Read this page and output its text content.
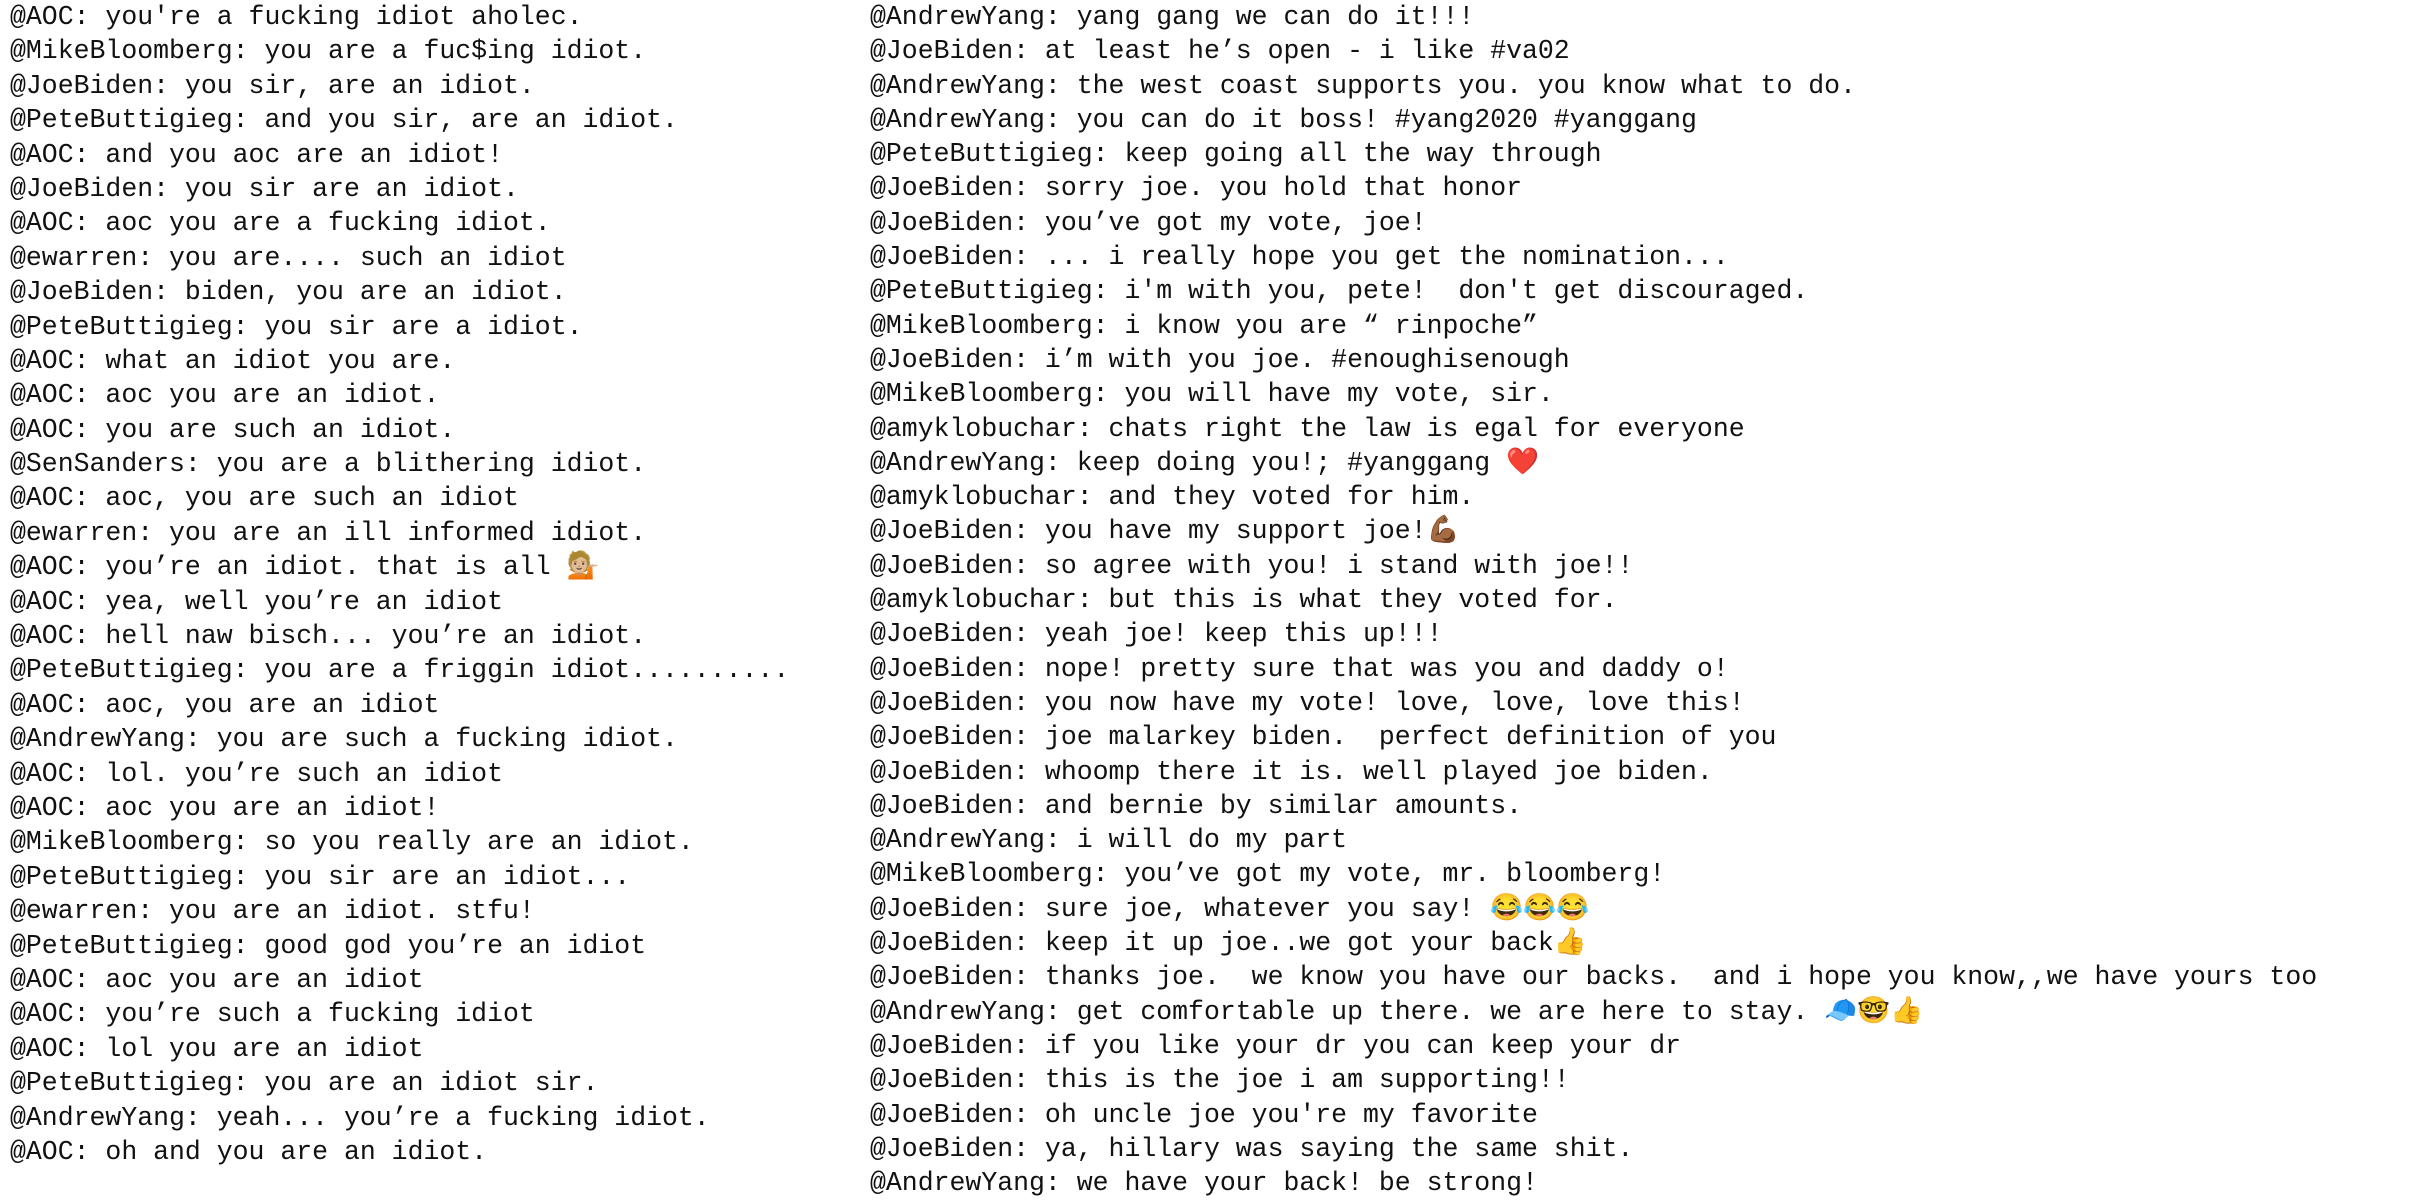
@AOC: you're a fucking idiot aholec.
@MikeBloomberg: you are a fuc$ing idiot.
@JoeBiden: you sir, are an idiot.
@PeteButtigieg: and you sir, are an idiot.
@AOC: and you aoc are an idiot!
@JoeBiden: you sir are an idiot.
@AOC: aoc you are a fucking idiot.
@ewarren: you are.... such an idiot
@JoeBiden: biden, you are an idiot.
@PeteButtigieg: you sir are a idiot.
@AOC: what an idiot you are.
@AOC: aoc you are an idiot.
@AOC: you are such an idiot.
@SenSanders: you are a blithering idiot.
@AOC: aoc, you are such an idiot
@ewarren: you are an ill informed idiot.
@AOC: you’re an idiot. that is all 💁🏼
@AOC: yea, well you’re an idiot
@AOC: hell naw bisch... you’re an idiot.
@PeteButtigieg: you are a friggin idiot..........
@AOC: aoc, you are an idiot
@AndrewYang: you are such a fucking idiot.
@AOC: lol. you’re such an idiot
@AOC: aoc you are an idiot!
@MikeBloomberg: so you really are an idiot.
@PeteButtigieg: you sir are an idiot...
@ewarren: you are an idiot. stfu!
@PeteButtigieg: good god you’re an idiot
@AOC: aoc you are an idiot
@AOC: you’re such a fucking idiot
@AOC: lol you are an idiot
@PeteButtigieg: you are an idiot sir.
@AndrewYang: yeah... you’re a fucking idiot.
@AOC: oh and you are an idiot.
@AndrewYang: yang gang we can do it!!!
@JoeBiden: at least he’s open - i like #va02
@AndrewYang: the west coast supports you. you know what to do.
@AndrewYang: you can do it boss! #yang2020 #yanggang
@PeteButtigieg: keep going all the way through
@JoeBiden: sorry joe. you hold that honor
@JoeBiden: you’ve got my vote, joe!
@JoeBiden: ... i really hope you get the nomination...
@PeteButtigieg: i'm with you, pete!  don't get discouraged.
@MikeBloomberg: i know you are “ rinpoche”
@JoeBiden: i’m with you joe. #enoughisenough
@MikeBloomberg: you will have my vote, sir.
@amyklobuchar: chats right the law is egal for everyone
@AndrewYang: keep doing you!; #yanggang ❤️
@amyklobuchar: and they voted for him.
@JoeBiden: you have my support joe!💪🏾
@JoeBiden: so agree with you! i stand with joe!!
@amyklobuchar: but this is what they voted for.
@JoeBiden: yeah joe! keep this up!!!
@JoeBiden: nope! pretty sure that was you and daddy o!
@JoeBiden: you now have my vote! love, love, love this!
@JoeBiden: joe malarkey biden.  perfect definition of you
@JoeBiden: whoomp there it is. well played joe biden.
@JoeBiden: and bernie by similar amounts.
@AndrewYang: i will do my part
@MikeBloomberg: you’ve got my vote, mr. bloomberg!
@JoeBiden: sure joe, whatever you say! 😂😂😂
@JoeBiden: keep it up joe..we got your back👍
@JoeBiden: thanks joe.  we know you have our backs.  and i hope you know,,we have yours too
@AndrewYang: get comfortable up there. we are here to stay. 🧢🤓👍
@JoeBiden: if you like your dr you can keep your dr
@JoeBiden: this is the joe i am supporting!!
@JoeBiden: oh uncle joe you're my favorite
@JoeBiden: ya, hillary was saying the same shit.
@AndrewYang: we have your back! be strong!
